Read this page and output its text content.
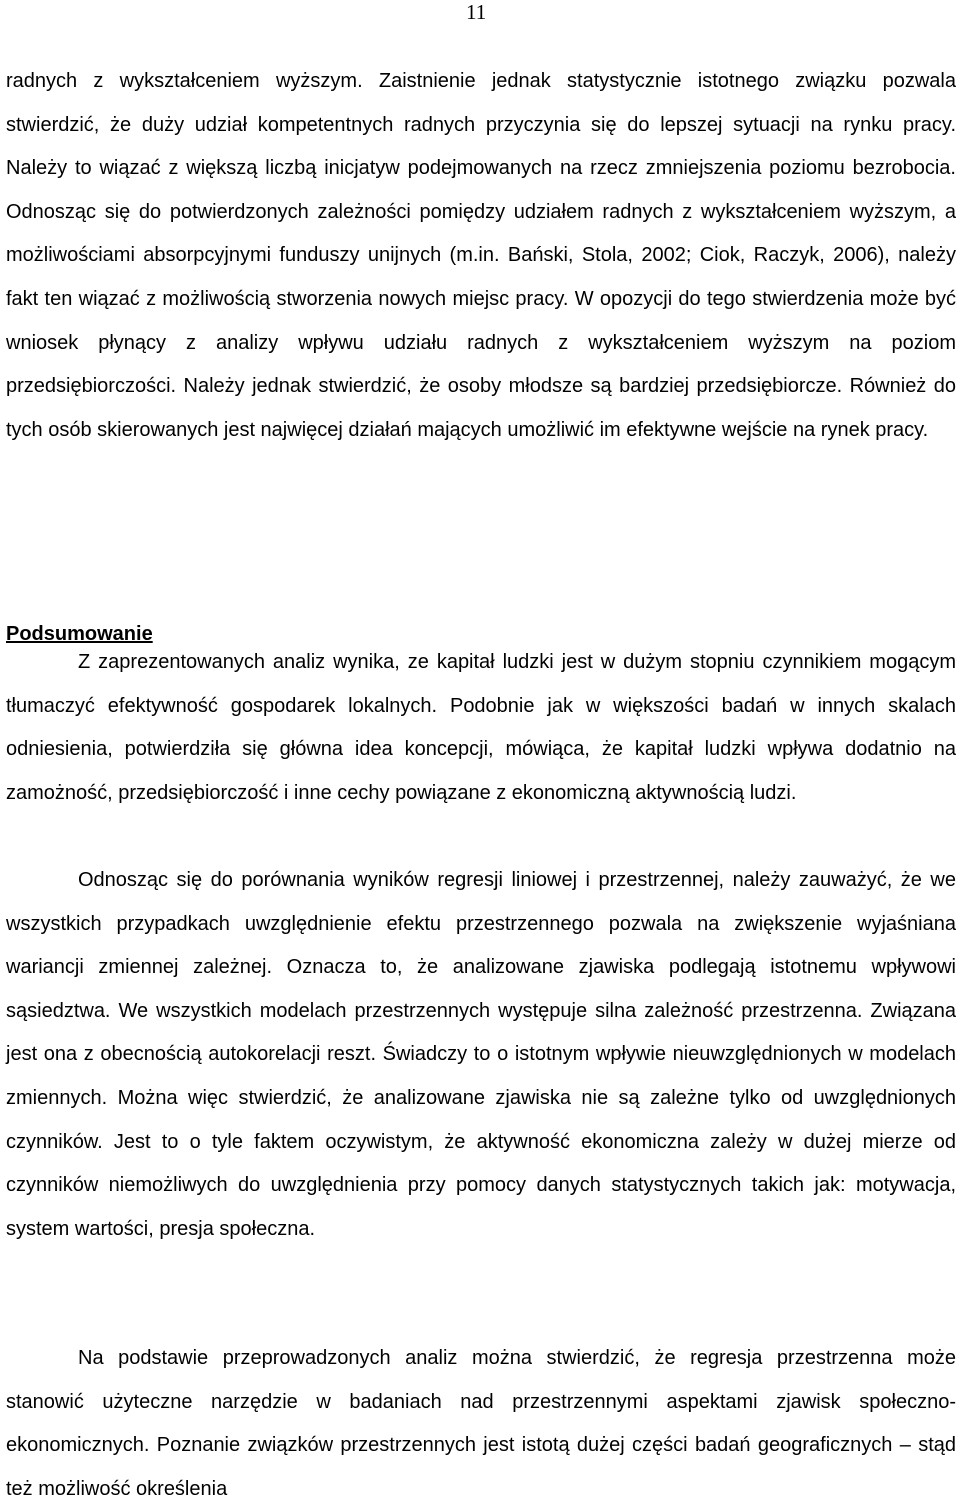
11

radnych z wykształceniem wyższym. Zaistnienie jednak statystycznie istotnego związku pozwala stwierdzić, że duży udział kompetentnych radnych przyczynia się do lepszej sytuacji na rynku pracy. Należy to wiązać z większą liczbą inicjatyw podejmowanych na rzecz zmniejszenia poziomu bezrobocia. Odnosząc się do potwierdzonych zależności pomiędzy udziałem radnych z wykształceniem wyższym, a możliwościami absorpcyjnymi funduszy unijnych (m.in. Bański, Stola, 2002; Ciok, Raczyk, 2006), należy fakt ten wiązać z możliwością stworzenia nowych miejsc pracy. W opozycji do tego stwierdzenia może być wniosek płynący z analizy wpływu udziału radnych z wykształceniem wyższym na poziom przedsiębiorczości. Należy jednak stwierdzić, że osoby młodsze są bardziej przedsiębiorcze. Również do tych osób skierowanych jest najwięcej działań mających umożliwić im efektywne wejście na rynek pracy.

Podsumowanie

Z zaprezentowanych analiz wynika, ze kapitał ludzki jest w dużym stopniu czynnikiem mogącym tłumaczyć efektywność gospodarek lokalnych. Podobnie jak w większości badań w innych skalach odniesienia, potwierdziła się główna idea koncepcji, mówiąca, że kapitał ludzki wpływa dodatnio na zamożność, przedsiębiorczość i inne cechy powiązane z ekonomiczną aktywnością ludzi.

Odnosząc się do porównania wyników regresji liniowej i przestrzennej, należy zauważyć, że we wszystkich przypadkach uwzględnienie efektu przestrzennego pozwala na zwiększenie wyjaśniana wariancji zmiennej zależnej. Oznacza to, że analizowane zjawiska podlegają istotnemu wpływowi sąsiedztwa. We wszystkich modelach przestrzennych występuje silna zależność przestrzenna. Związana jest ona z obecnością autokorelacji reszt. Świadczy to o istotnym wpływie nieuwzględnionych w modelach zmiennych. Można więc stwierdzić, że analizowane zjawiska nie są zależne tylko od uwzględnionych czynników. Jest to o tyle faktem oczywistym, że aktywność ekonomiczna zależy w dużej mierze od czynników niemożliwych do uwzględnienia przy pomocy danych statystycznych takich jak: motywacja, system wartości, presja społeczna.

Na podstawie przeprowadzonych analiz można stwierdzić, że regresja przestrzenna może stanowić użyteczne narzędzie w badaniach nad przestrzennymi aspektami zjawisk społeczno-ekonomicznych. Poznanie związków przestrzennych jest istotą dużej części badań geograficznych – stąd też możliwość określenia
